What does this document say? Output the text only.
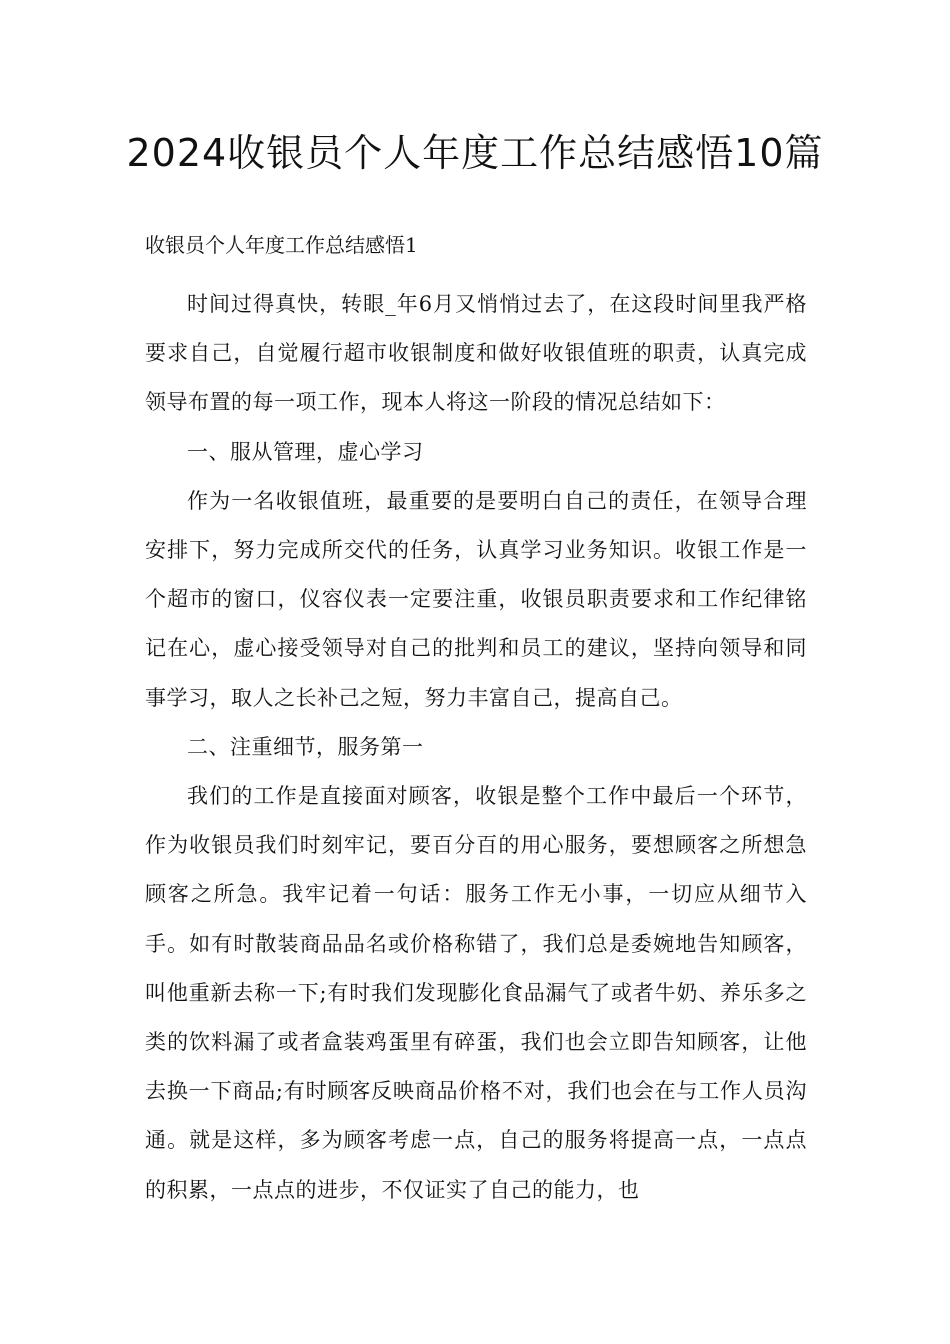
2024收银员个人年度工作总结感悟10篇

收银员个人年度工作总结感悟1

时间过得真快，转眼_年6月又悄悄过去了，在这段时间里我严格要求自己，自觉履行超市收银制度和做好收银值班的职责，认真完成领导布置的每一项工作，现本人将这一阶段的情况总结如下：

一、服从管理，虚心学习

作为一名收银值班，最重要的是要明白自己的责任，在领导合理安排下，努力完成所交代的任务，认真学习业务知识。收银工作是一个超市的窗口，仪容仪表一定要注重，收银员职责要求和工作纪律铭记在心，虚心接受领导对自己的批判和员工的建议，坚持向领导和同事学习，取人之长补己之短，努力丰富自己，提高自己。

二、注重细节，服务第一

我们的工作是直接面对顾客，收银是整个工作中最后一个环节，作为收银员我们时刻牢记，要百分百的用心服务，要想顾客之所想急顾客之所急。我牢记着一句话：服务工作无小事，一切应从细节入手。如有时散装商品品名或价格称错了，我们总是委婉地告知顾客，叫他重新去称一下;有时我们发现膨化食品漏气了或者牛奶、养乐多之类的饮料漏了或者盒装鸡蛋里有碎蛋，我们也会立即告知顾客，让他去换一下商品;有时顾客反映商品价格不对，我们也会在与工作人员沟通。就是这样，多为顾客考虑一点，自己的服务将提高一点，一点点的积累，一点点的进步，不仅证实了自己的能力，也
